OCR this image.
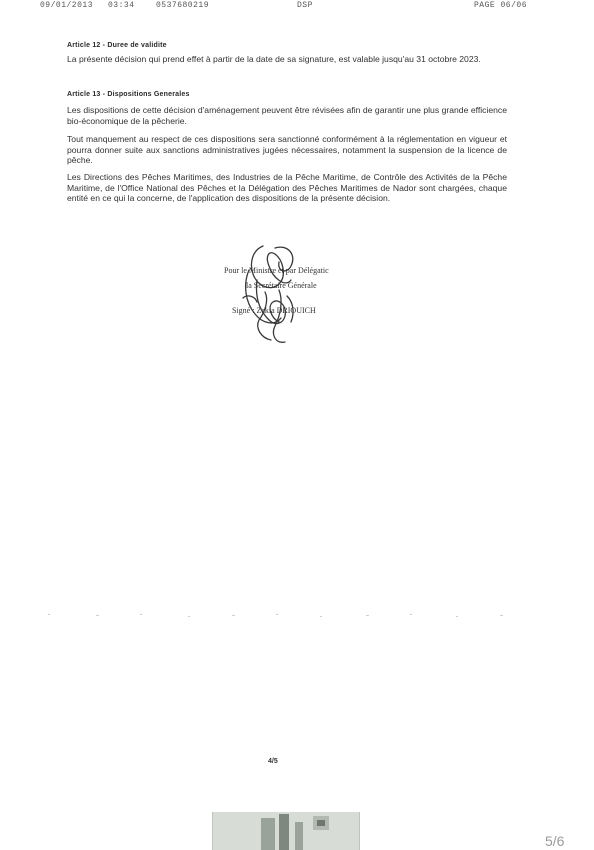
09/01/2013 03:34	0537680219	DSP	PAGE 06/06
Article 12 - Duree de validite
La présente décision qui prend effet à partir de la date de sa signature, est valable jusqu'au 31 octobre 2023.
Article 13 - Dispositions Generales
Les dispositions de cette décision d'aménagement peuvent être révisées afin de garantir une plus grande efficience bio-économique de la pêcherie.
Tout manquement au respect de ces dispositions sera sanctionné conformément à la réglementation en vigueur et pourra donner suite aux sanctions administratives jugées nécessaires, notamment la suspension de la licence de pêche.
Les Directions des Pêches Maritimes, des Industries de la Pêche Maritime, de Contrôle des Activités de la Pêche Maritime, de l'Office National des Pêches et la Délégation des Pêches Maritimes de Nador sont chargées, chaque entité en ce qui la concerne, de l'application des dispositions de la présente décision.
Pour le Ministre et par Délégatic
la Secrétaire Générale
Signé : Zakia DRIOUICH
4/5
5/6
